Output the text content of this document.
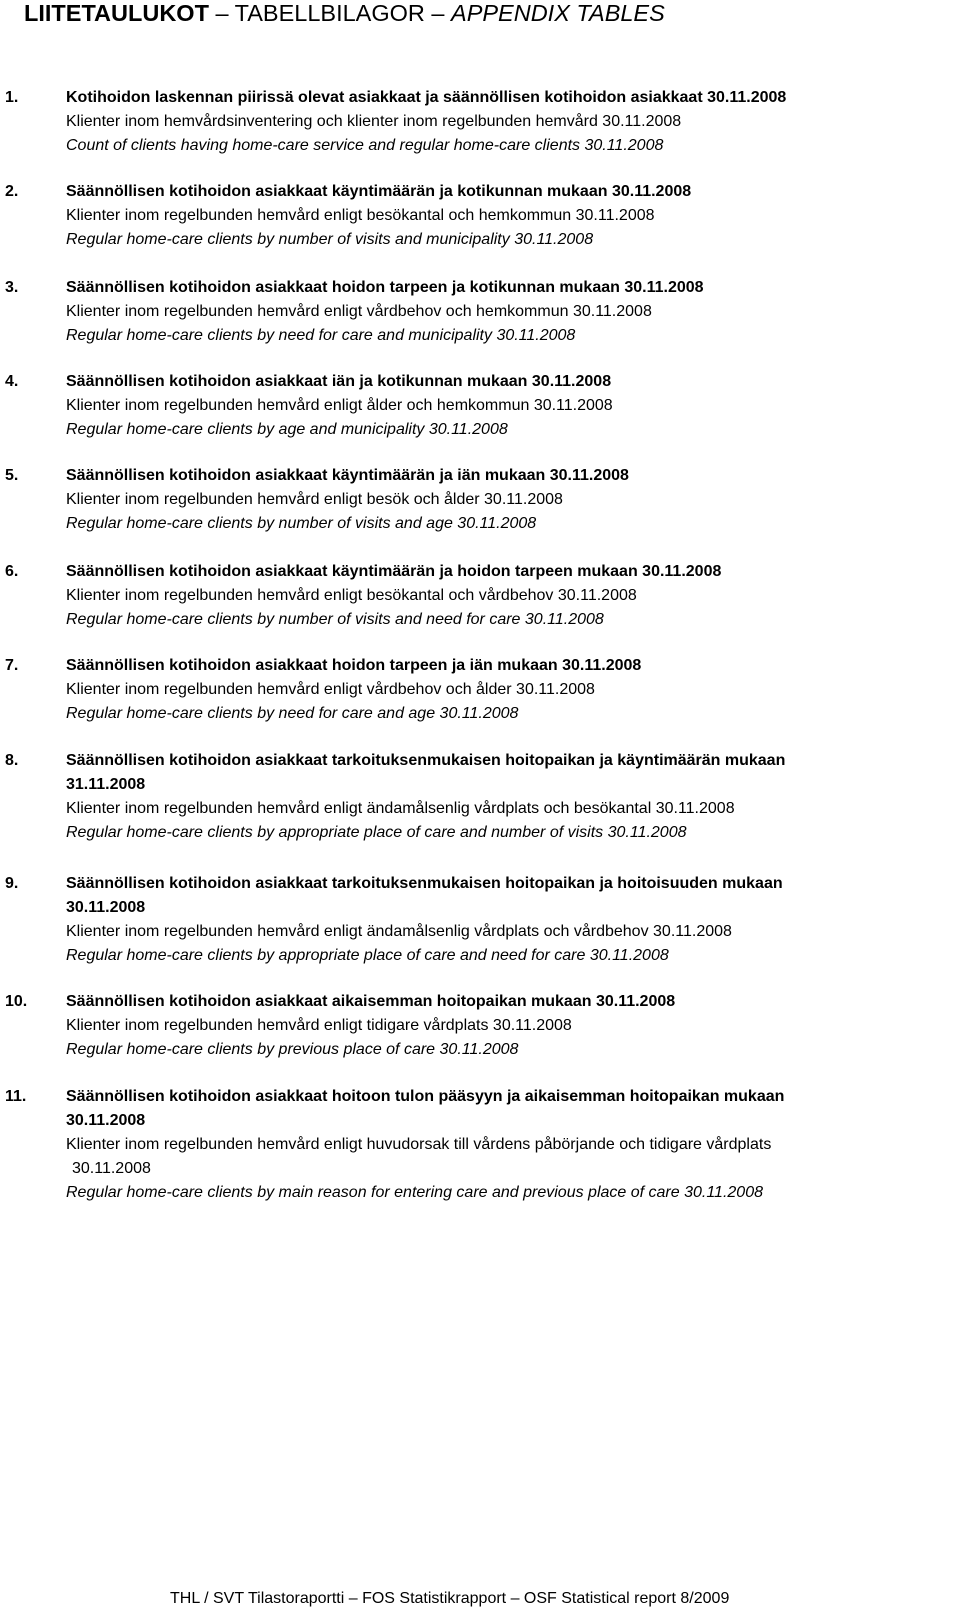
LIITETAULUKOT – TABELLBILAGOR – APPENDIX TABLES
1.	Kotihoidon laskennan piirissä olevat asiakkaat ja säännöllisen kotihoidon asiakkaat 30.11.2008
Klienter inom hemvårdsinventering och klienter inom regelbunden hemvård 30.11.2008
Count of clients having home-care service and regular home-care clients 30.11.2008
2.	Säännöllisen kotihoidon asiakkaat käyntimäärän ja kotikunnan mukaan 30.11.2008
Klienter inom regelbunden hemvård enligt besökantal och hemkommun 30.11.2008
Regular home-care clients by number of visits and municipality 30.11.2008
3.	Säännöllisen kotihoidon asiakkaat hoidon tarpeen ja kotikunnan mukaan 30.11.2008
Klienter inom regelbunden hemvård enligt vårdbehov och hemkommun 30.11.2008
Regular home-care clients by need for care and municipality 30.11.2008
4.	Säännöllisen kotihoidon asiakkaat iän ja kotikunnan mukaan 30.11.2008
Klienter inom regelbunden hemvård enligt ålder och hemkommun 30.11.2008
Regular home-care clients by age and municipality 30.11.2008
5.	Säännöllisen kotihoidon asiakkaat käyntimäärän ja iän mukaan 30.11.2008
Klienter inom regelbunden hemvård enligt besök och ålder 30.11.2008
Regular home-care clients by number of visits and age 30.11.2008
6.	Säännöllisen kotihoidon asiakkaat käyntimäärän ja hoidon tarpeen mukaan 30.11.2008
Klienter inom regelbunden hemvård enligt besökantal och vårdbehov 30.11.2008
Regular home-care clients by number of visits and need for care 30.11.2008
7.	Säännöllisen kotihoidon asiakkaat hoidon tarpeen ja iän mukaan 30.11.2008
Klienter inom regelbunden hemvård enligt vårdbehov och ålder 30.11.2008
Regular home-care clients by need for care and age 30.11.2008
8.	Säännöllisen kotihoidon asiakkaat tarkoituksenmukaisen hoitopaikan ja käyntimäärän mukaan
31.11.2008
Klienter inom regelbunden hemvård enligt ändamålsenlig vårdplats och besökantal 30.11.2008
Regular home-care clients by appropriate place of care and number of visits 30.11.2008
9.	Säännöllisen kotihoidon asiakkaat tarkoituksenmukaisen hoitopaikan ja hoitoisuuden mukaan
30.11.2008
Klienter inom regelbunden hemvård enligt ändamålsenlig vårdplats och vårdbehov 30.11.2008
Regular home-care clients by appropriate place of care and need for care 30.11.2008
10. Säännöllisen kotihoidon asiakkaat aikaisemman hoitopaikan mukaan 30.11.2008
Klienter inom regelbunden hemvård enligt tidigare vårdplats 30.11.2008
Regular home-care clients by previous place of care 30.11.2008
11. Säännöllisen kotihoidon asiakkaat hoitoon tulon pääsyyn ja aikaisemman hoitopaikan mukaan
30.11.2008
Klienter inom regelbunden hemvård enligt huvudorsak till vårdens påbörjande och tidigare vårdplats
30.11.2008
Regular home-care clients by main reason for entering care and previous place of care 30.11.2008
THL / SVT Tilastoraportti – FOS Statistikrapport – OSF Statistical report 8/2009
